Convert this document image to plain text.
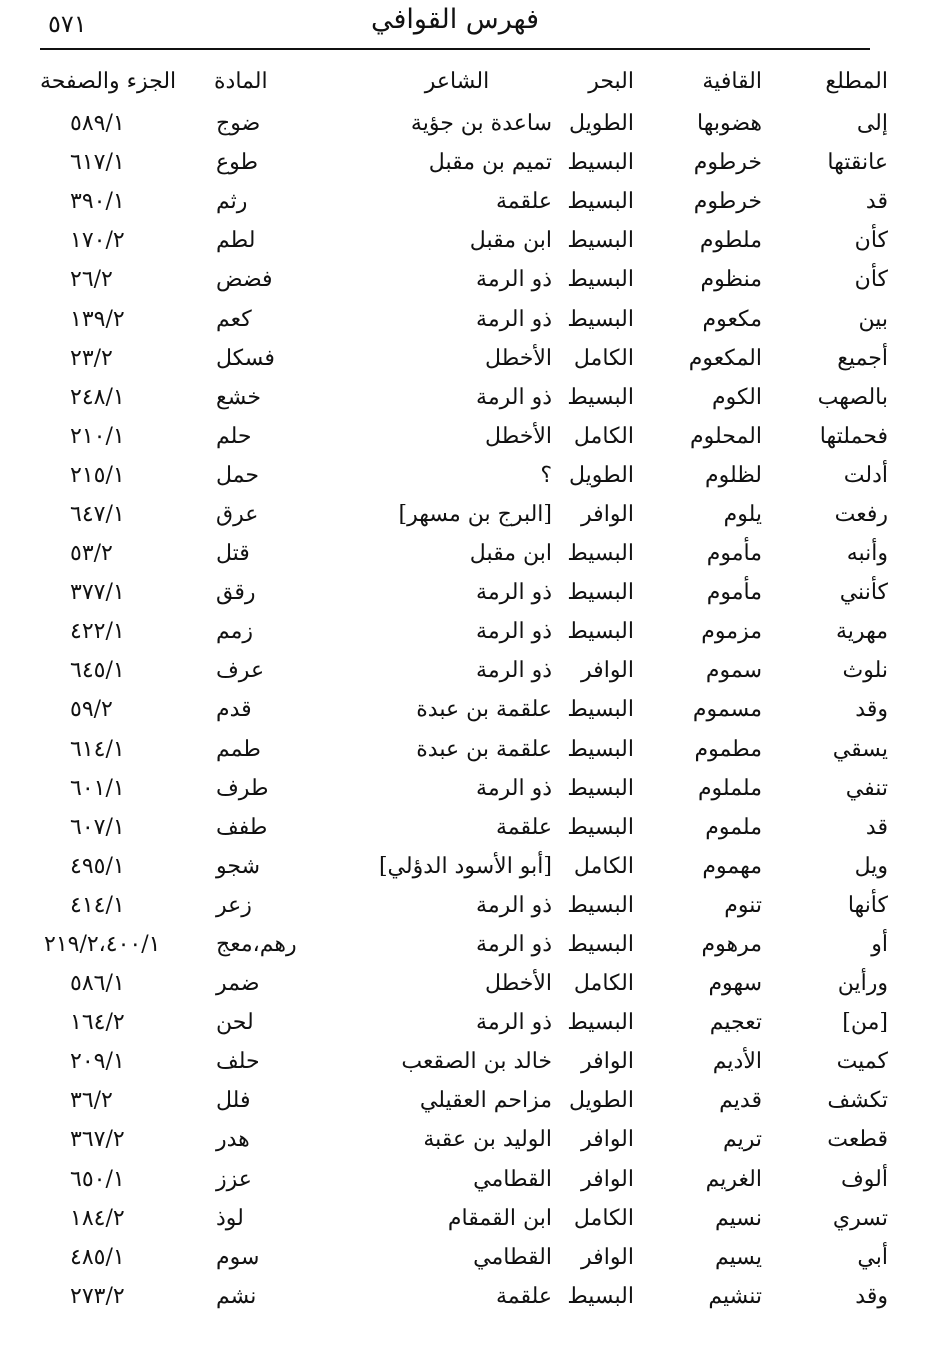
فهرس القوافي
٥٧١
المطلع	القافية	البحر	الشاعر	المادة	الجزء والصفحة
إلى	هضوبها	الطويل	ساعدة بن جؤية	ضوج	٥٨٩/١
عانقتها	خرطوم	البسيط	تميم بن مقبل	طوع	٦١٧/١
قد	خرطوم	البسيط	علقمة	رثم	٣٩٠/١
كأن	ملطوم	البسيط	ابن مقبل	لطم	١٧٠/٢
كأن	منظوم	البسيط	ذو الرمة	فضض	٢٦/٢
بين	مكعوم	البسيط	ذو الرمة	كعم	١٣٩/٢
أجميع	المكعوم	الكامل	الأخطل	فسكل	٢٣/٢
بالصهب	الكوم	البسيط	ذو الرمة	خشع	٢٤٨/١
فحملتها	المحلوم	الكامل	الأخطل	حلم	٢١٠/١
أدلت	لظلوم	الطويل	؟	حمل	٢١٥/١
رفعت	يلوم	الوافر	[البرج بن مسهر]	عرق	٦٤٧/١
وأنبه	مأموم	البسيط	ابن مقبل	قتل	٥٣/٢
كأنني	مأموم	البسيط	ذو الرمة	رقق	٣٧٧/١
مهرية	مزموم	البسيط	ذو الرمة	زمم	٤٢٢/١
نلوث	سموم	الوافر	ذو الرمة	عرف	٦٤٥/١
وقد	مسموم	البسيط	علقمة بن عبدة	قدم	٥٩/٢
يسقي	مطموم	البسيط	علقمة بن عبدة	طمم	٦١٤/١
تنفي	ململوم	البسيط	ذو الرمة	طرف	٦٠١/١
قد	ملموم	البسيط	علقمة	طفف	٦٠٧/١
ويل	مهموم	الكامل	[أبو الأسود الدؤلي]	شجو	٤٩٥/١
كأنها	تنوم	البسيط	ذو الرمة	زعر	٤١٤/١
أو	مرهوم	البسيط	ذو الرمة	رهم،معج	٢١٩/٢،٤٠٠/١
ورأين	سهوم	الكامل	الأخطل	ضمر	٥٨٦/١
[من]	تعجيم	البسيط	ذو الرمة	لحن	١٦٤/٢
كميت	الأديم	الوافر	خالد بن الصقعب	حلف	٢٠٩/١
تكشف	قديم	الطويل	مزاحم العقيلي	فلل	٣٦/٢
قطعت	تريم	الوافر	الوليد بن عقبة	هدر	٣٦٧/٢
ألوف	الغريم	الوافر	القطامي	عزز	٦٥٠/١
تسري	نسيم	الكامل	ابن القمقام	لوذ	١٨٤/٢
أبي	يسيم	الوافر	القطامي	سوم	٤٨٥/١
وقد	تنشيم	البسيط	علقمة	نشم	٢٧٣/٢
